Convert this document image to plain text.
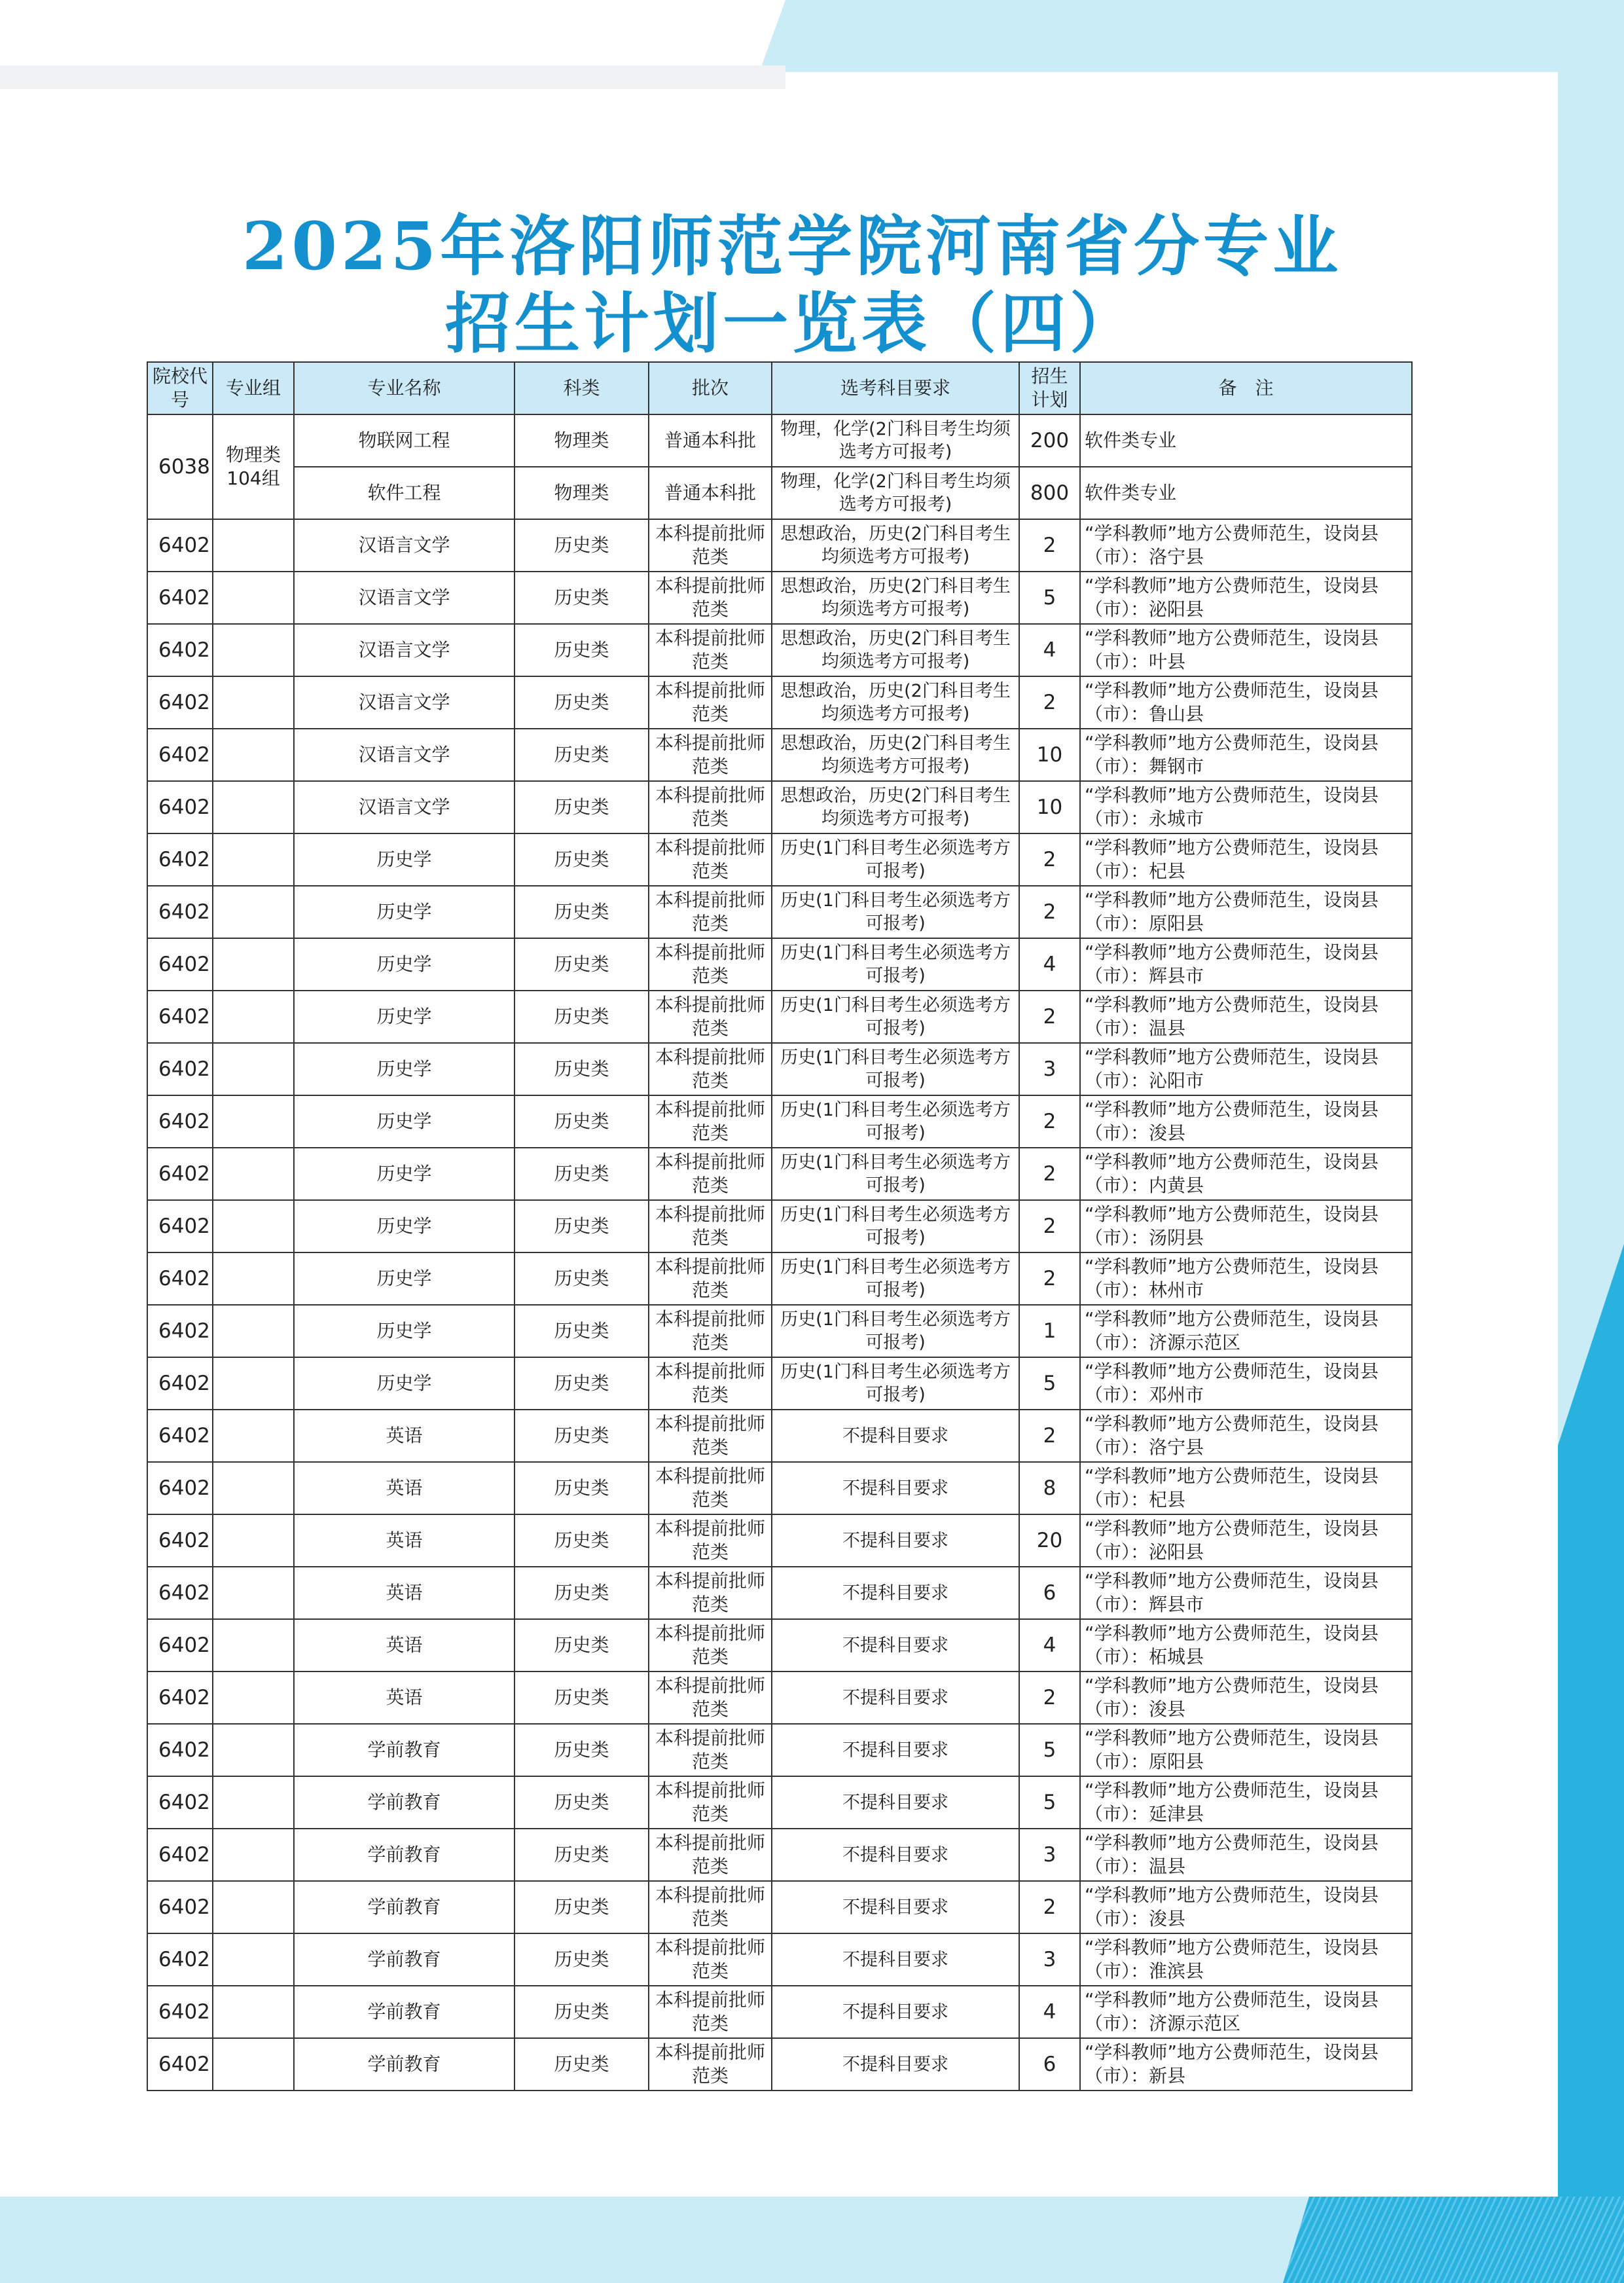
2025年洛阳师范学院河南省分专业
招生计划一览表（四）
院校代号	专业组	专业名称	科类	批次	选考科目要求	招生计划	备　注
6038	物理类104组	物联网工程	物理类	普通本科批	物理，化学(2门科目考生均须选考方可报考)	200	软件类专业
		软件工程	物理类	普通本科批	物理，化学(2门科目考生均须选考方可报考)	800	软件类专业
6402		汉语言文学	历史类	本科提前批师范类	思想政治，历史(2门科目考生均须选考方可报考)	2	“学科教师”地方公费师范生，设岗县（市）：洛宁县
6402		汉语言文学	历史类	本科提前批师范类	思想政治，历史(2门科目考生均须选考方可报考)	5	“学科教师”地方公费师范生，设岗县（市）：泌阳县
6402		汉语言文学	历史类	本科提前批师范类	思想政治，历史(2门科目考生均须选考方可报考)	4	“学科教师”地方公费师范生，设岗县（市）：叶县
6402		汉语言文学	历史类	本科提前批师范类	思想政治，历史(2门科目考生均须选考方可报考)	2	“学科教师”地方公费师范生，设岗县（市）：鲁山县
6402		汉语言文学	历史类	本科提前批师范类	思想政治，历史(2门科目考生均须选考方可报考)	10	“学科教师”地方公费师范生，设岗县（市）：舞钢市
6402		汉语言文学	历史类	本科提前批师范类	思想政治，历史(2门科目考生均须选考方可报考)	10	“学科教师”地方公费师范生，设岗县（市）：永城市
6402		历史学	历史类	本科提前批师范类	历史(1门科目考生必须选考方可报考)	2	“学科教师”地方公费师范生，设岗县（市）：杞县
6402		历史学	历史类	本科提前批师范类	历史(1门科目考生必须选考方可报考)	2	“学科教师”地方公费师范生，设岗县（市）：原阳县
6402		历史学	历史类	本科提前批师范类	历史(1门科目考生必须选考方可报考)	4	“学科教师”地方公费师范生，设岗县（市）：辉县市
6402		历史学	历史类	本科提前批师范类	历史(1门科目考生必须选考方可报考)	2	“学科教师”地方公费师范生，设岗县（市）：温县
6402		历史学	历史类	本科提前批师范类	历史(1门科目考生必须选考方可报考)	3	“学科教师”地方公费师范生，设岗县（市）：沁阳市
6402		历史学	历史类	本科提前批师范类	历史(1门科目考生必须选考方可报考)	2	“学科教师”地方公费师范生，设岗县（市）：浚县
6402		历史学	历史类	本科提前批师范类	历史(1门科目考生必须选考方可报考)	2	“学科教师”地方公费师范生，设岗县（市）：内黄县
6402		历史学	历史类	本科提前批师范类	历史(1门科目考生必须选考方可报考)	2	“学科教师”地方公费师范生，设岗县（市）：汤阴县
6402		历史学	历史类	本科提前批师范类	历史(1门科目考生必须选考方可报考)	2	“学科教师”地方公费师范生，设岗县（市）：林州市
6402		历史学	历史类	本科提前批师范类	历史(1门科目考生必须选考方可报考)	1	“学科教师”地方公费师范生，设岗县（市）：济源示范区
6402		历史学	历史类	本科提前批师范类	历史(1门科目考生必须选考方可报考)	5	“学科教师”地方公费师范生，设岗县（市）：邓州市
6402		英语	历史类	本科提前批师范类	不提科目要求	2	“学科教师”地方公费师范生，设岗县（市）：洛宁县
6402		英语	历史类	本科提前批师范类	不提科目要求	8	“学科教师”地方公费师范生，设岗县（市）：杞县
6402		英语	历史类	本科提前批师范类	不提科目要求	20	“学科教师”地方公费师范生，设岗县（市）：泌阳县
6402		英语	历史类	本科提前批师范类	不提科目要求	6	“学科教师”地方公费师范生，设岗县（市）：辉县市
6402		英语	历史类	本科提前批师范类	不提科目要求	4	“学科教师”地方公费师范生，设岗县（市）：柘城县
6402		英语	历史类	本科提前批师范类	不提科目要求	2	“学科教师”地方公费师范生，设岗县（市）：浚县
6402		学前教育	历史类	本科提前批师范类	不提科目要求	5	“学科教师”地方公费师范生，设岗县（市）：原阳县
6402		学前教育	历史类	本科提前批师范类	不提科目要求	5	“学科教师”地方公费师范生，设岗县（市）：延津县
6402		学前教育	历史类	本科提前批师范类	不提科目要求	3	“学科教师”地方公费师范生，设岗县（市）：温县
6402		学前教育	历史类	本科提前批师范类	不提科目要求	2	“学科教师”地方公费师范生，设岗县（市）：浚县
6402		学前教育	历史类	本科提前批师范类	不提科目要求	3	“学科教师”地方公费师范生，设岗县（市）：淮滨县
6402		学前教育	历史类	本科提前批师范类	不提科目要求	4	“学科教师”地方公费师范生，设岗县（市）：济源示范区
6402		学前教育	历史类	本科提前批师范类	不提科目要求	6	“学科教师”地方公费师范生，设岗县（市）：新县
